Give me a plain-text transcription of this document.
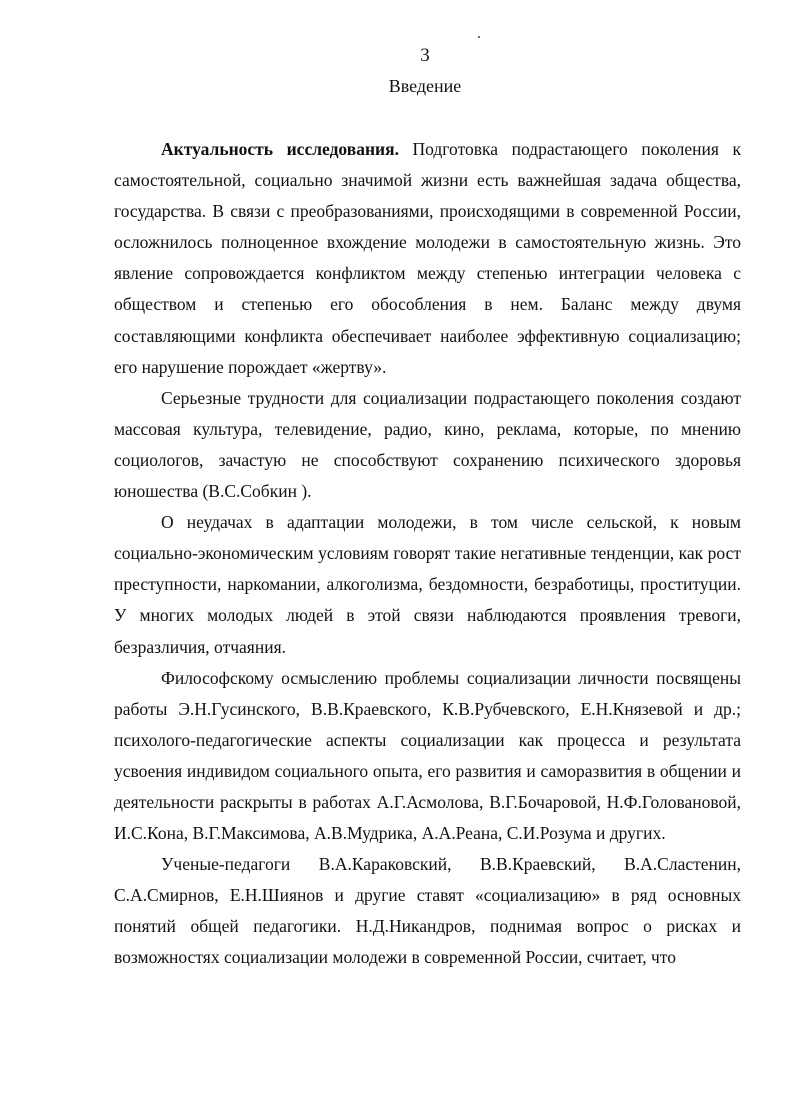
3
Введение

Актуальность исследования. Подготовка подрастающего поколения к самостоятельной, социально значимой жизни есть важнейшая задача общества, государства. В связи с преобразованиями, происходящими в современной России, осложнилось полноценное вхождение молодежи в самостоятельную жизнь. Это явление сопровождается конфликтом между степенью интеграции человека с обществом и степенью его обособления в нем. Баланс между двумя составляющими конфликта обеспечивает наиболее эффективную социализацию; его нарушение порождает «жертву».

Серьезные трудности для социализации подрастающего поколения создают массовая культура, телевидение, радио, кино, реклама, которые, по мнению социологов, зачастую не способствуют сохранению психического здоровья юношества (В.С.Собкин ).

О неудачах в адаптации молодежи, в том числе сельской, к новым социально-экономическим условиям говорят такие негативные тенденции, как рост преступности, наркомании, алкоголизма, бездомности, безработицы, проституции. У многих молодых людей в этой связи наблюдаются проявления тревоги, безразличия, отчаяния.

Философскому осмыслению проблемы социализации личности посвящены работы Э.Н.Гусинского, В.В.Краевского, К.В.Рубчевского, Е.Н.Князевой и др.; психолого-педагогические аспекты социализации как процесса и результата усвоения индивидом социального опыта, его развития и саморазвития в общении и деятельности раскрыты в работах А.Г.Асмолова, В.Г.Бочаровой, Н.Ф.Головановой, И.С.Кона, В.Г.Максимова, А.В.Мудрика, А.А.Реана, С.И.Розума и других.

Ученые-педагоги В.А.Караковский, В.В.Краевский, В.А.Сластенин, С.А.Смирнов, Е.Н.Шиянов и другие ставят «социализацию» в ряд основных понятий общей педагогики. Н.Д.Никандров, поднимая вопрос о рисках и возможностях социализации молодежи в современной России, считает, что
